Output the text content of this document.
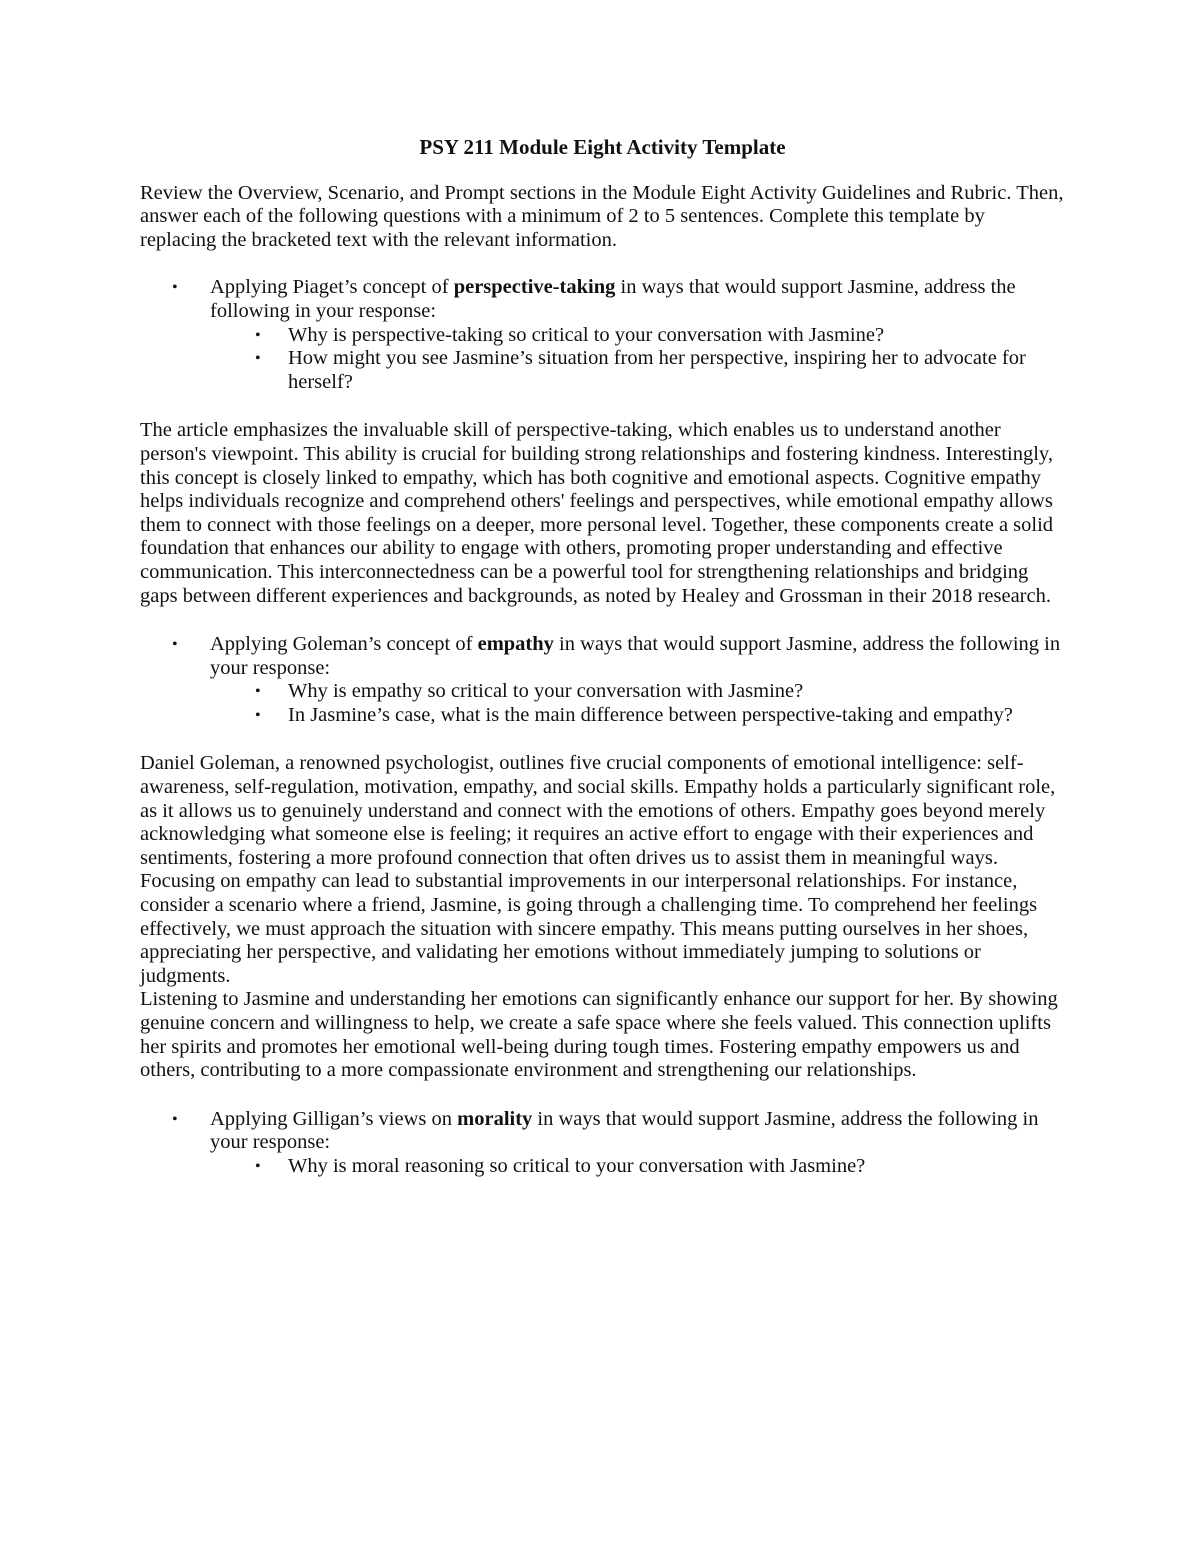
PSY 211 Module Eight Activity Template

Review the Overview, Scenario, and Prompt sections in the Module Eight Activity Guidelines and Rubric. Then, answer each of the following questions with a minimum of 2 to 5 sentences. Complete this template by replacing the bracketed text with the relevant information.

• Applying Piaget’s concept of perspective-taking in ways that would support Jasmine, address the following in your response:
• Why is perspective-taking so critical to your conversation with Jasmine?
• How might you see Jasmine’s situation from her perspective, inspiring her to advocate for herself?

The article emphasizes the invaluable skill of perspective-taking, which enables us to understand another person's viewpoint. This ability is crucial for building strong relationships and fostering kindness. Interestingly, this concept is closely linked to empathy, which has both cognitive and emotional aspects. Cognitive empathy helps individuals recognize and comprehend others' feelings and perspectives, while emotional empathy allows them to connect with those feelings on a deeper, more personal level. Together, these components create a solid foundation that enhances our ability to engage with others, promoting proper understanding and effective communication. This interconnectedness can be a powerful tool for strengthening relationships and bridging gaps between different experiences and backgrounds, as noted by Healey and Grossman in their 2018 research.

• Applying Goleman’s concept of empathy in ways that would support Jasmine, address the following in your response:
• Why is empathy so critical to your conversation with Jasmine?
• In Jasmine’s case, what is the main difference between perspective-taking and empathy?

Daniel Goleman, a renowned psychologist, outlines five crucial components of emotional intelligence: self-awareness, self-regulation, motivation, empathy, and social skills. Empathy holds a particularly significant role, as it allows us to genuinely understand and connect with the emotions of others. Empathy goes beyond merely acknowledging what someone else is feeling; it requires an active effort to engage with their experiences and sentiments, fostering a more profound connection that often drives us to assist them in meaningful ways.

Focusing on empathy can lead to substantial improvements in our interpersonal relationships. For instance, consider a scenario where a friend, Jasmine, is going through a challenging time. To comprehend her feelings effectively, we must approach the situation with sincere empathy. This means putting ourselves in her shoes, appreciating her perspective, and validating her emotions without immediately jumping to solutions or judgments.

Listening to Jasmine and understanding her emotions can significantly enhance our support for her. By showing genuine concern and willingness to help, we create a safe space where she feels valued. This connection uplifts her spirits and promotes her emotional well-being during tough times. Fostering empathy empowers us and others, contributing to a more compassionate environment and strengthening our relationships.

• Applying Gilligan’s views on morality in ways that would support Jasmine, address the following in your response:
• Why is moral reasoning so critical to your conversation with Jasmine?
